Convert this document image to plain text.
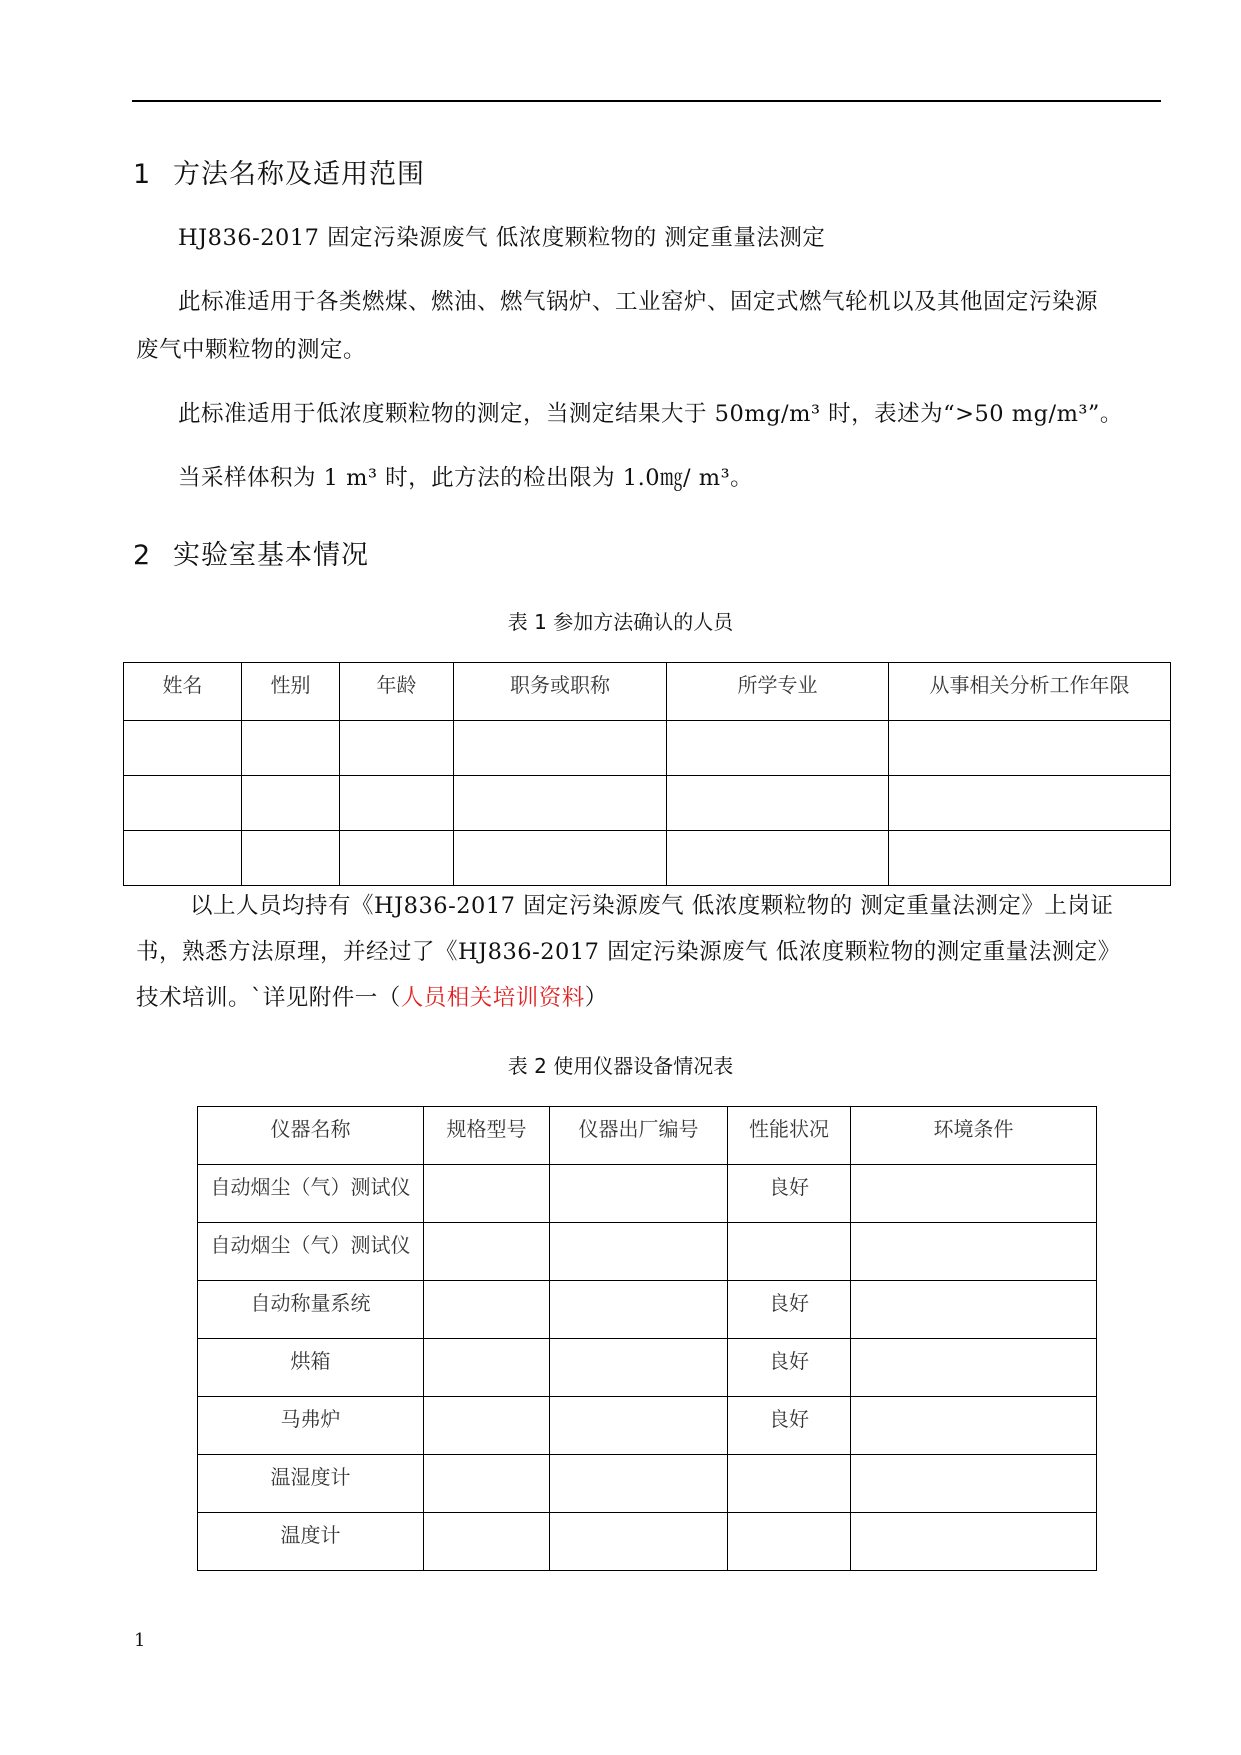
1 方法名称及适用范围
HJ836-2017 固定污染源废气 低浓度颗粒物的 测定重量法测定
此标准适用于各类燃煤、燃油、燃气锅炉、工业窑炉、固定式燃气轮机以及其他固定污染源
废气中颗粒物的测定。
此标准适用于低浓度颗粒物的测定，当测定结果大于 50mg/m³ 时，表述为“>50 mg/m³”。
当采样体积为 1 m³ 时，此方法的检出限为 1.0㎎/ m³。
2 实验室基本情况
表 1 参加方法确认的人员
姓名	性别	年龄	职务或职称	所学专业	从事相关分析工作年限

以上人员均持有《HJ836-2017 固定污染源废气 低浓度颗粒物的 测定重量法测定》上岗证
书，熟悉方法原理，并经过了《HJ836-2017 固定污染源废气 低浓度颗粒物的测定重量法测定》
技术培训。`详见附件一（人员相关培训资料）
表 2 使用仪器设备情况表
仪器名称	规格型号	仪器出厂编号	性能状况	环境条件
自动烟尘（气）测试仪			良好	
自动烟尘（气）测试仪				
自动称量系统			良好	
烘箱			良好	
马弗炉			良好	
温湿度计				
温度计				
1
